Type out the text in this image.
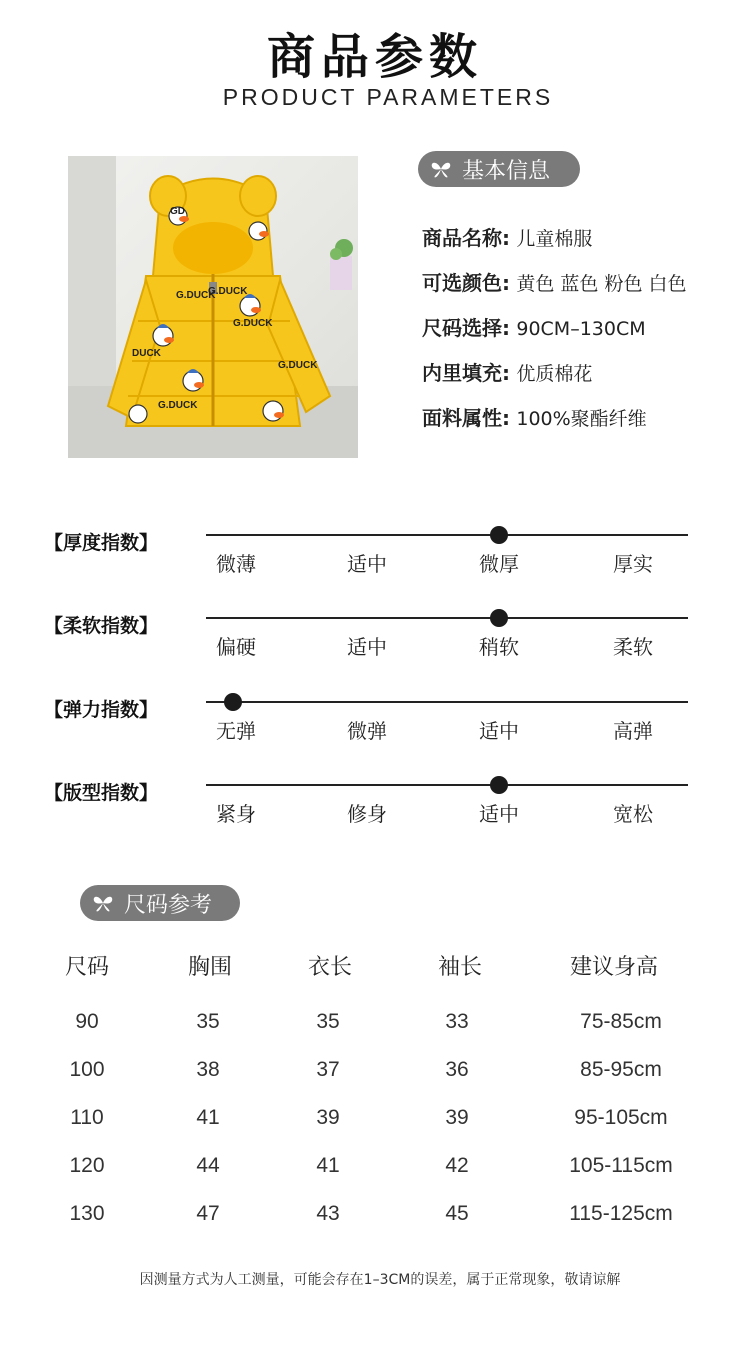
商品参数
PRODUCT PARAMETERS
G.DUCK
G.DUCK
G.DUCK
G.DUCK
G.DUCK
DUCK
GD
基本信息
商品名称: 儿童棉服
可选颜色: 黄色 蓝色 粉色 白色
尺码选择: 90CM–130CM
内里填充: 优质棉花
面料属性: 100%聚酯纤维
【厚度指数】
微薄	适中	微厚	厚实
【柔软指数】
偏硬	适中	稍软	柔软
【弹力指数】
无弹	微弹	适中	高弹
【版型指数】
紧身	修身	适中	宽松
尺码参考
尺码	胸围	衣长	袖长	建议身高
90	35	35	33	75-85cm
100	38	37	36	85-95cm
110	41	39	39	95-105cm
120	44	41	42	105-115cm
130	47	43	45	115-125cm
因测量方式为人工测量，可能会存在1–3CM的误差，属于正常现象，敬请谅解
